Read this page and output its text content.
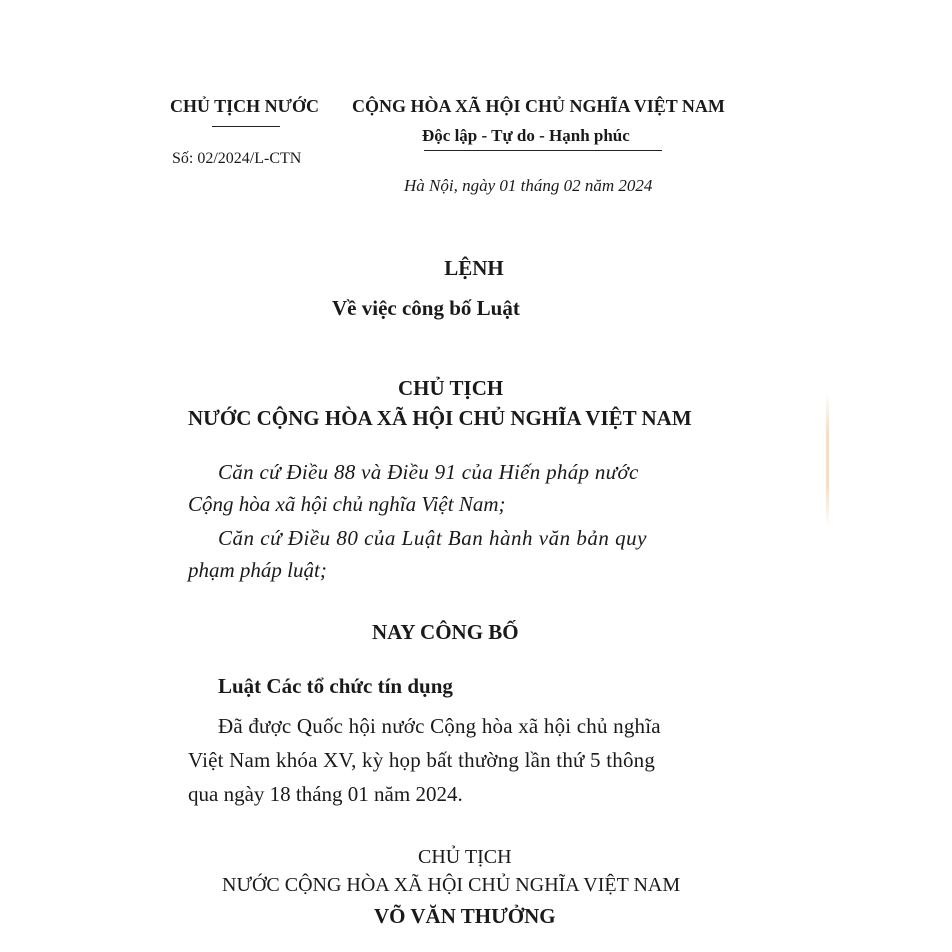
CHỦ TỊCH NƯỚC
Số: 02/2024/L-CTN
CỘNG HÒA XÃ HỘI CHỦ NGHĨA VIỆT NAM
Độc lập - Tự do - Hạnh phúc
Hà Nội, ngày 01 tháng 02 năm 2024
LỆNH
Về việc công bố Luật
CHỦ TỊCH
NƯỚC CỘNG HÒA XÃ HỘI CHỦ NGHĨA VIỆT NAM
Căn cứ Điều 88 và Điều 91 của Hiến pháp nước
Cộng hòa xã hội chủ nghĩa Việt Nam;
Căn cứ Điều 80 của Luật Ban hành văn bản quy
phạm pháp luật;
NAY CÔNG BỐ
Luật Các tổ chức tín dụng
Đã được Quốc hội nước Cộng hòa xã hội chủ nghĩa
Việt Nam khóa XV, kỳ họp bất thường lần thứ 5 thông
qua ngày 18 tháng 01 năm 2024.
CHỦ TỊCH
NƯỚC CỘNG HÒA XÃ HỘI CHỦ NGHĨA VIỆT NAM
VÕ VĂN THƯỞNG
